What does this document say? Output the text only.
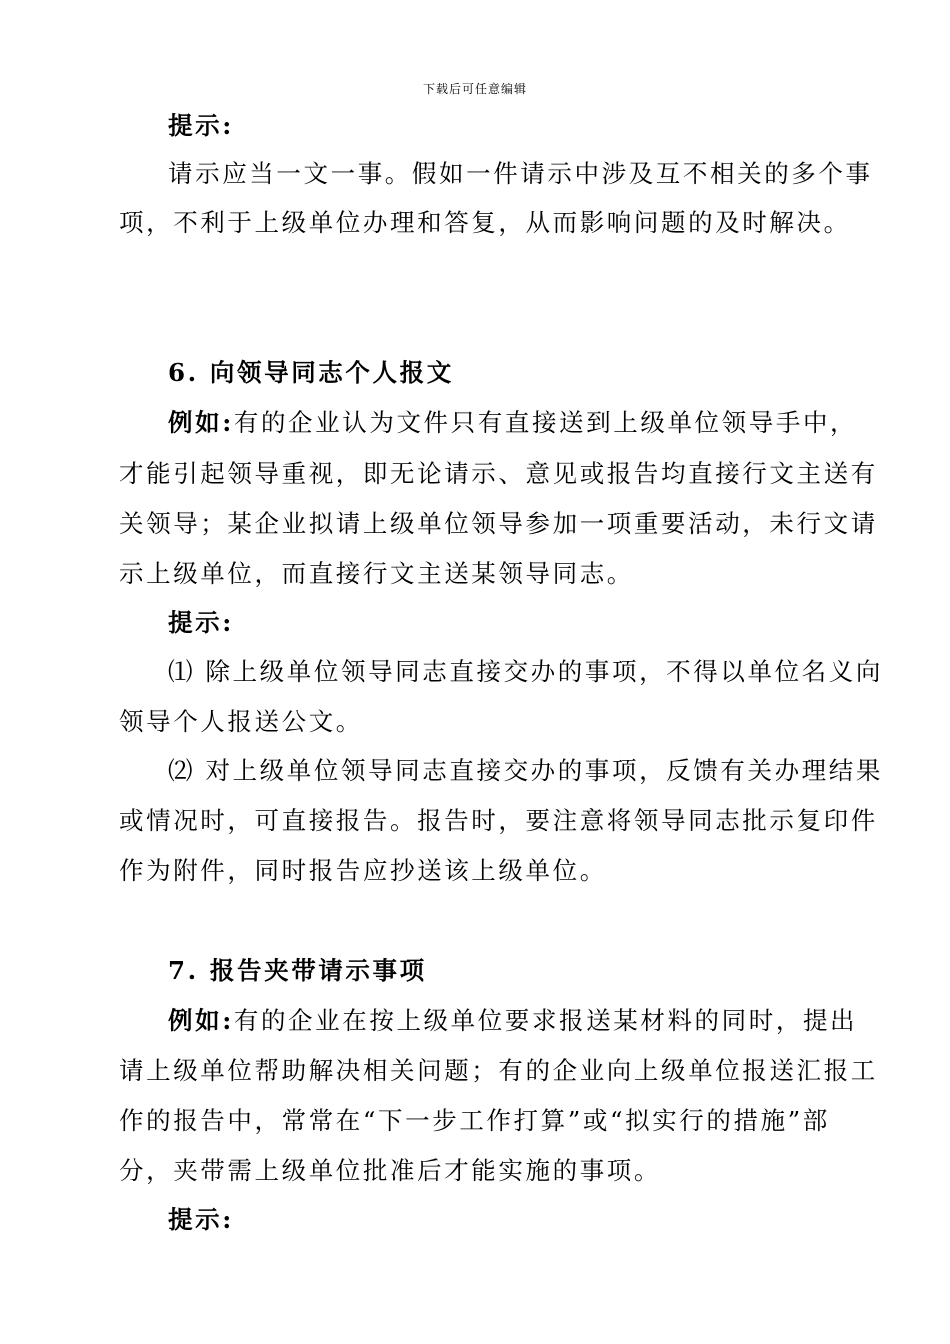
下载后可任意编辑
提示:
请示应当一文一事。假如一件请示中涉及互不相关的多个事
项，不利于上级单位办理和答复，从而影响问题的及时解决。
6. 向领导同志个人报文
例如:有的企业认为文件只有直接送到上级单位领导手中，
才能引起领导重视，即无论请示、意见或报告均直接行文主送有
关领导；某企业拟请上级单位领导参加一项重要活动，未行文请
示上级单位，而直接行文主送某领导同志。
提示:
⑴ 除上级单位领导同志直接交办的事项，不得以单位名义向
领导个人报送公文。
⑵ 对上级单位领导同志直接交办的事项，反馈有关办理结果
或情况时，可直接报告。报告时，要注意将领导同志批示复印件
作为附件，同时报告应抄送该上级单位。
7. 报告夹带请示事项
例如:有的企业在按上级单位要求报送某材料的同时，提出
请上级单位帮助解决相关问题；有的企业向上级单位报送汇报工
作的报告中，常常在“下一步工作打算”或“拟实行的措施”部
分，夹带需上级单位批准后才能实施的事项。
提示:
